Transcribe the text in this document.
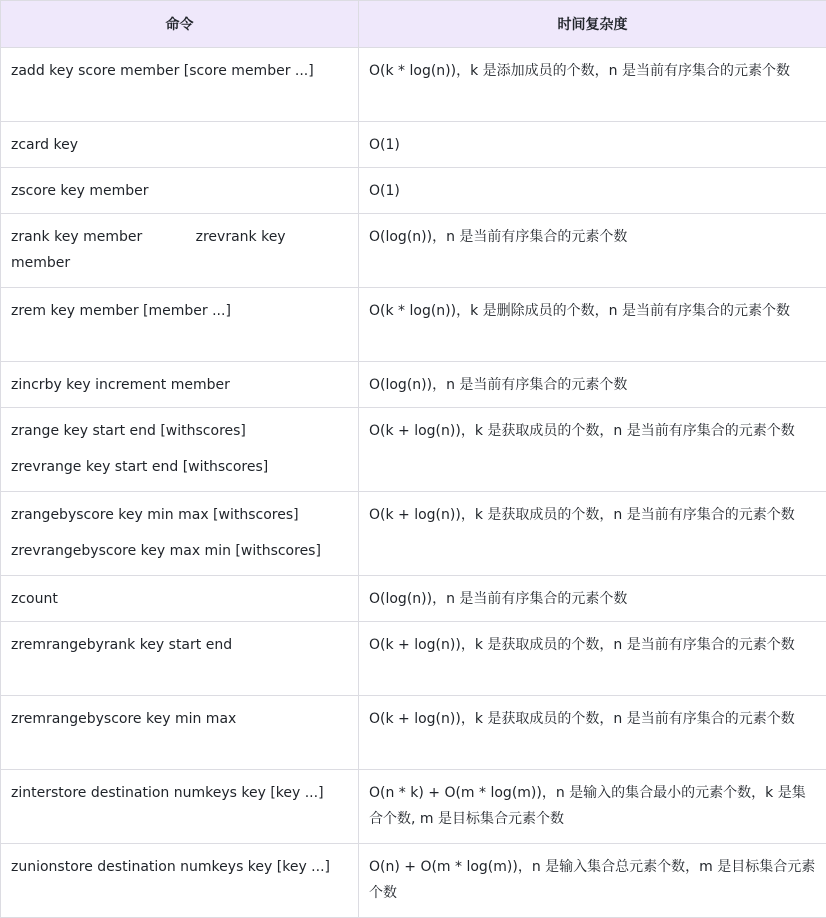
命令	时间复杂度

zadd key score member [score member ...]	O(k * log(n))，k 是添加成员的个数，n 是当前有序集合的元素个数

zcard key	O(1)

zscore key member	O(1)

zrank key member            zrevrank key member	O(log(n))，n 是当前有序集合的元素个数

zrem key member [member ...]	O(k * log(n))，k 是删除成员的个数，n 是当前有序集合的元素个数

zincrby key increment member	O(log(n))，n 是当前有序集合的元素个数

zrange key start end [withscores]
zrevrange key start end [withscores]	O(k + log(n))，k 是获取成员的个数，n 是当前有序集合的元素个数

zrangebyscore key min max [withscores]
zrevrangebyscore key max min [withscores]	O(k + log(n))，k 是获取成员的个数，n 是当前有序集合的元素个数

zcount	O(log(n))，n 是当前有序集合的元素个数

zremrangebyrank key start end	O(k + log(n))，k 是获取成员的个数，n 是当前有序集合的元素个数

zremrangebyscore key min max	O(k + log(n))，k 是获取成员的个数，n 是当前有序集合的元素个数

zinterstore destination numkeys key [key ...]	O(n * k) + O(m * log(m))，n 是输入的集合最小的元素个数，k 是集合个数, m 是目标集合元素个数

zunionstore destination numkeys key [key ...]	O(n) + O(m * log(m))，n 是输入集合总元素个数，m 是目标集合元素个数
